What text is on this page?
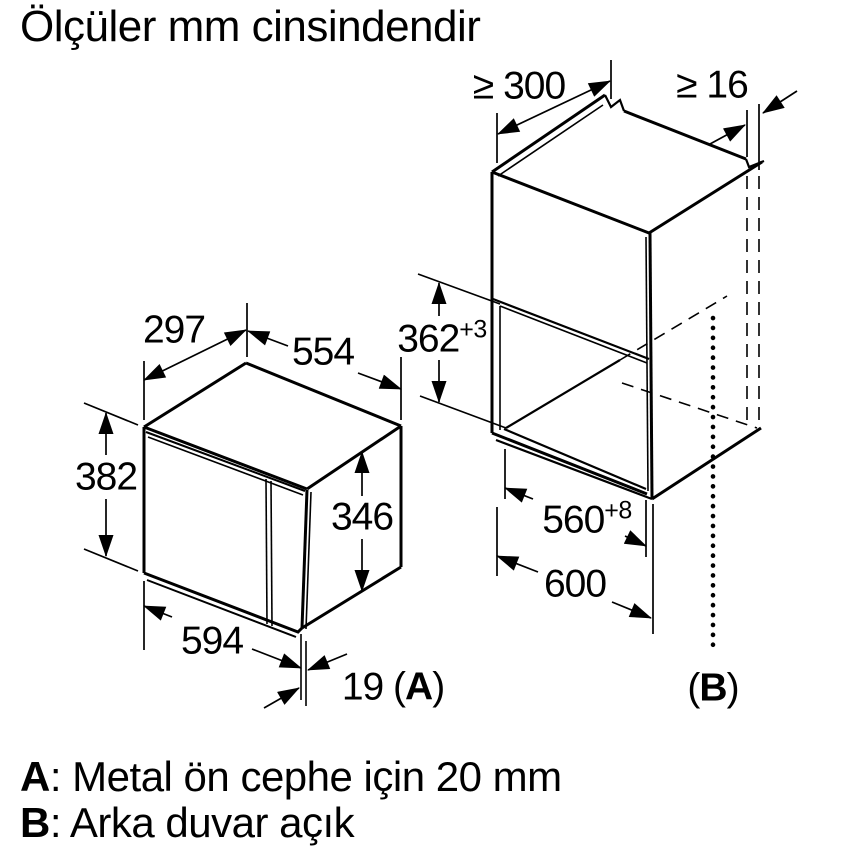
Ölçüler mm cinsindendir
297
554
382
346
594
19 (A)
≥ 300	≥ 16
$362^{+3}$
$560^{+8}$
600
(B)
A: Metal ön cephe için 20 mm
B: Arka duvar açık
